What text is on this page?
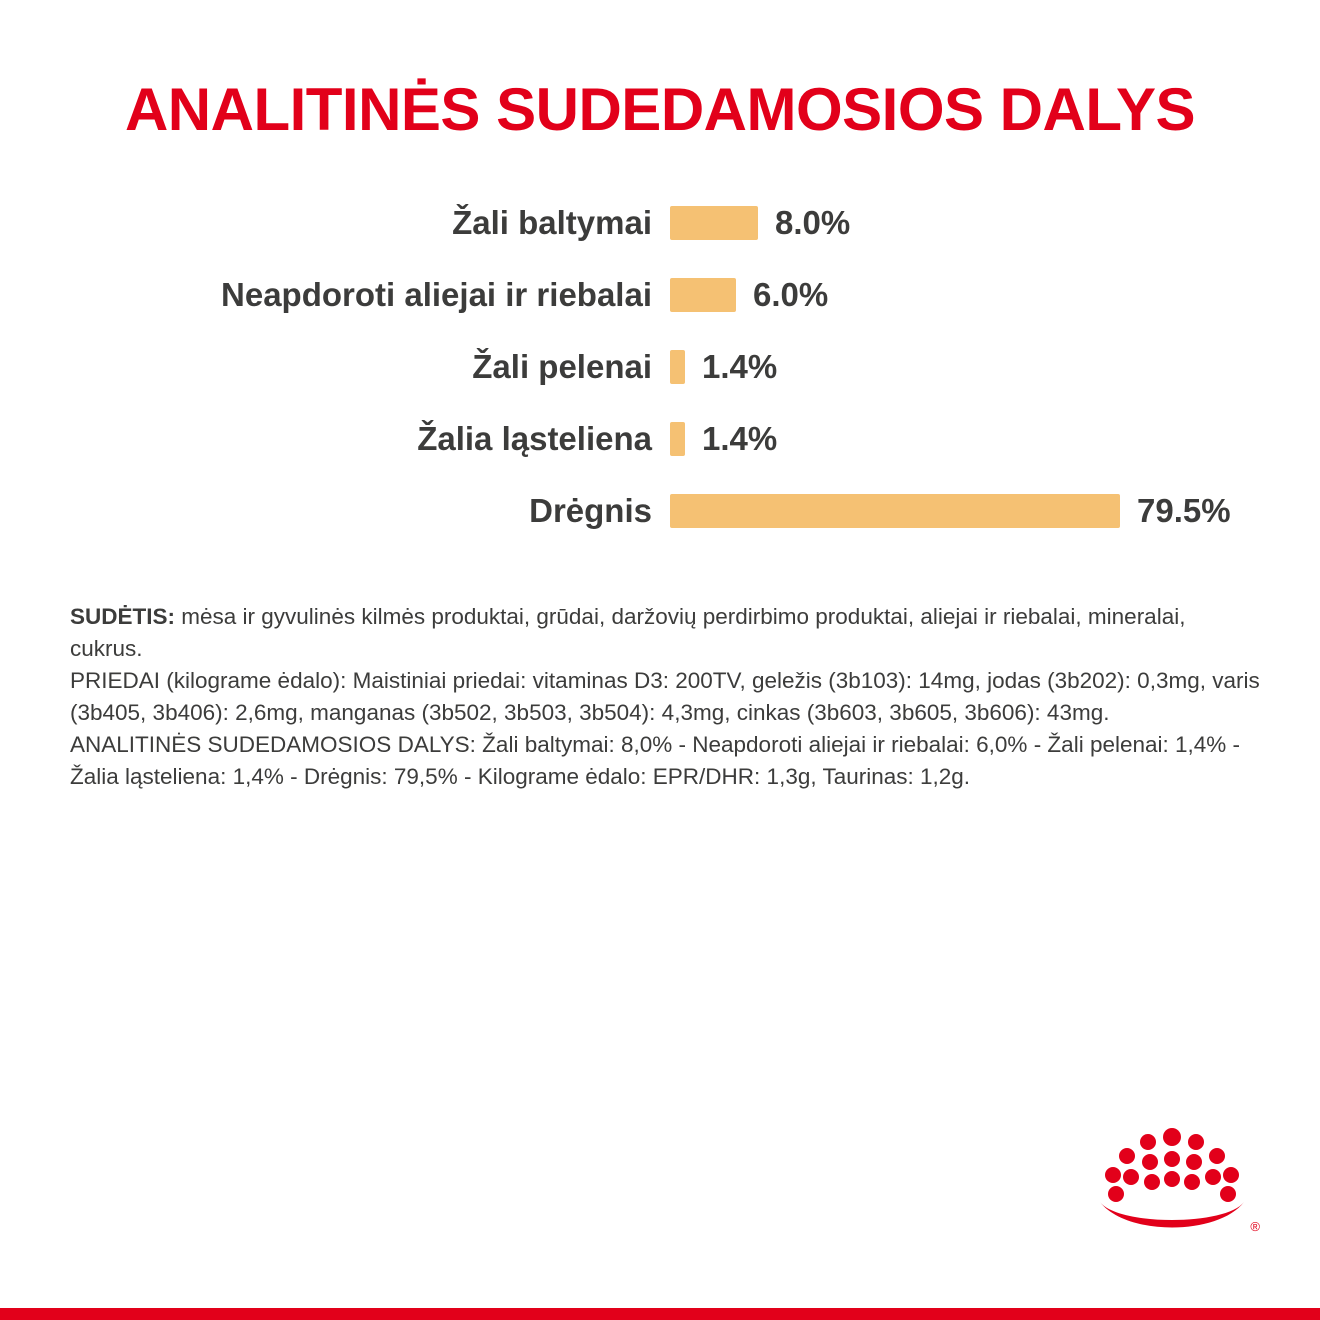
ANALITINĖS SUDEDAMOSIOS DALYS
Žali baltymai	8.0%
Neapdoroti aliejai ir riebalai	6.0%
Žali pelenai	1.4%
Žalia ląsteliena	1.4%
Drėgnis	79.5%

SUDĖTIS: mėsa ir gyvulinės kilmės produktai, grūdai, daržovių perdirbimo produktai, aliejai ir riebalai, mineralai, cukrus.

PRIEDAI (kilograme ėdalo): Maistiniai priedai: vitaminas D3: 200TV, geležis (3b103): 14mg, jodas (3b202): 0,3mg, varis (3b405, 3b406): 2,6mg, manganas (3b502, 3b503, 3b504): 4,3mg, cinkas (3b603, 3b605, 3b606): 43mg.

ANALITINĖS SUDEDAMOSIOS DALYS: Žali baltymai: 8,0% - Neapdoroti aliejai ir riebalai: 6,0% - Žali pelenai: 1,4% - Žalia ląsteliena: 1,4% - Drėgnis: 79,5% - Kilograme ėdalo: EPR/DHR: 1,3g, Taurinas: 1,2g.

®
